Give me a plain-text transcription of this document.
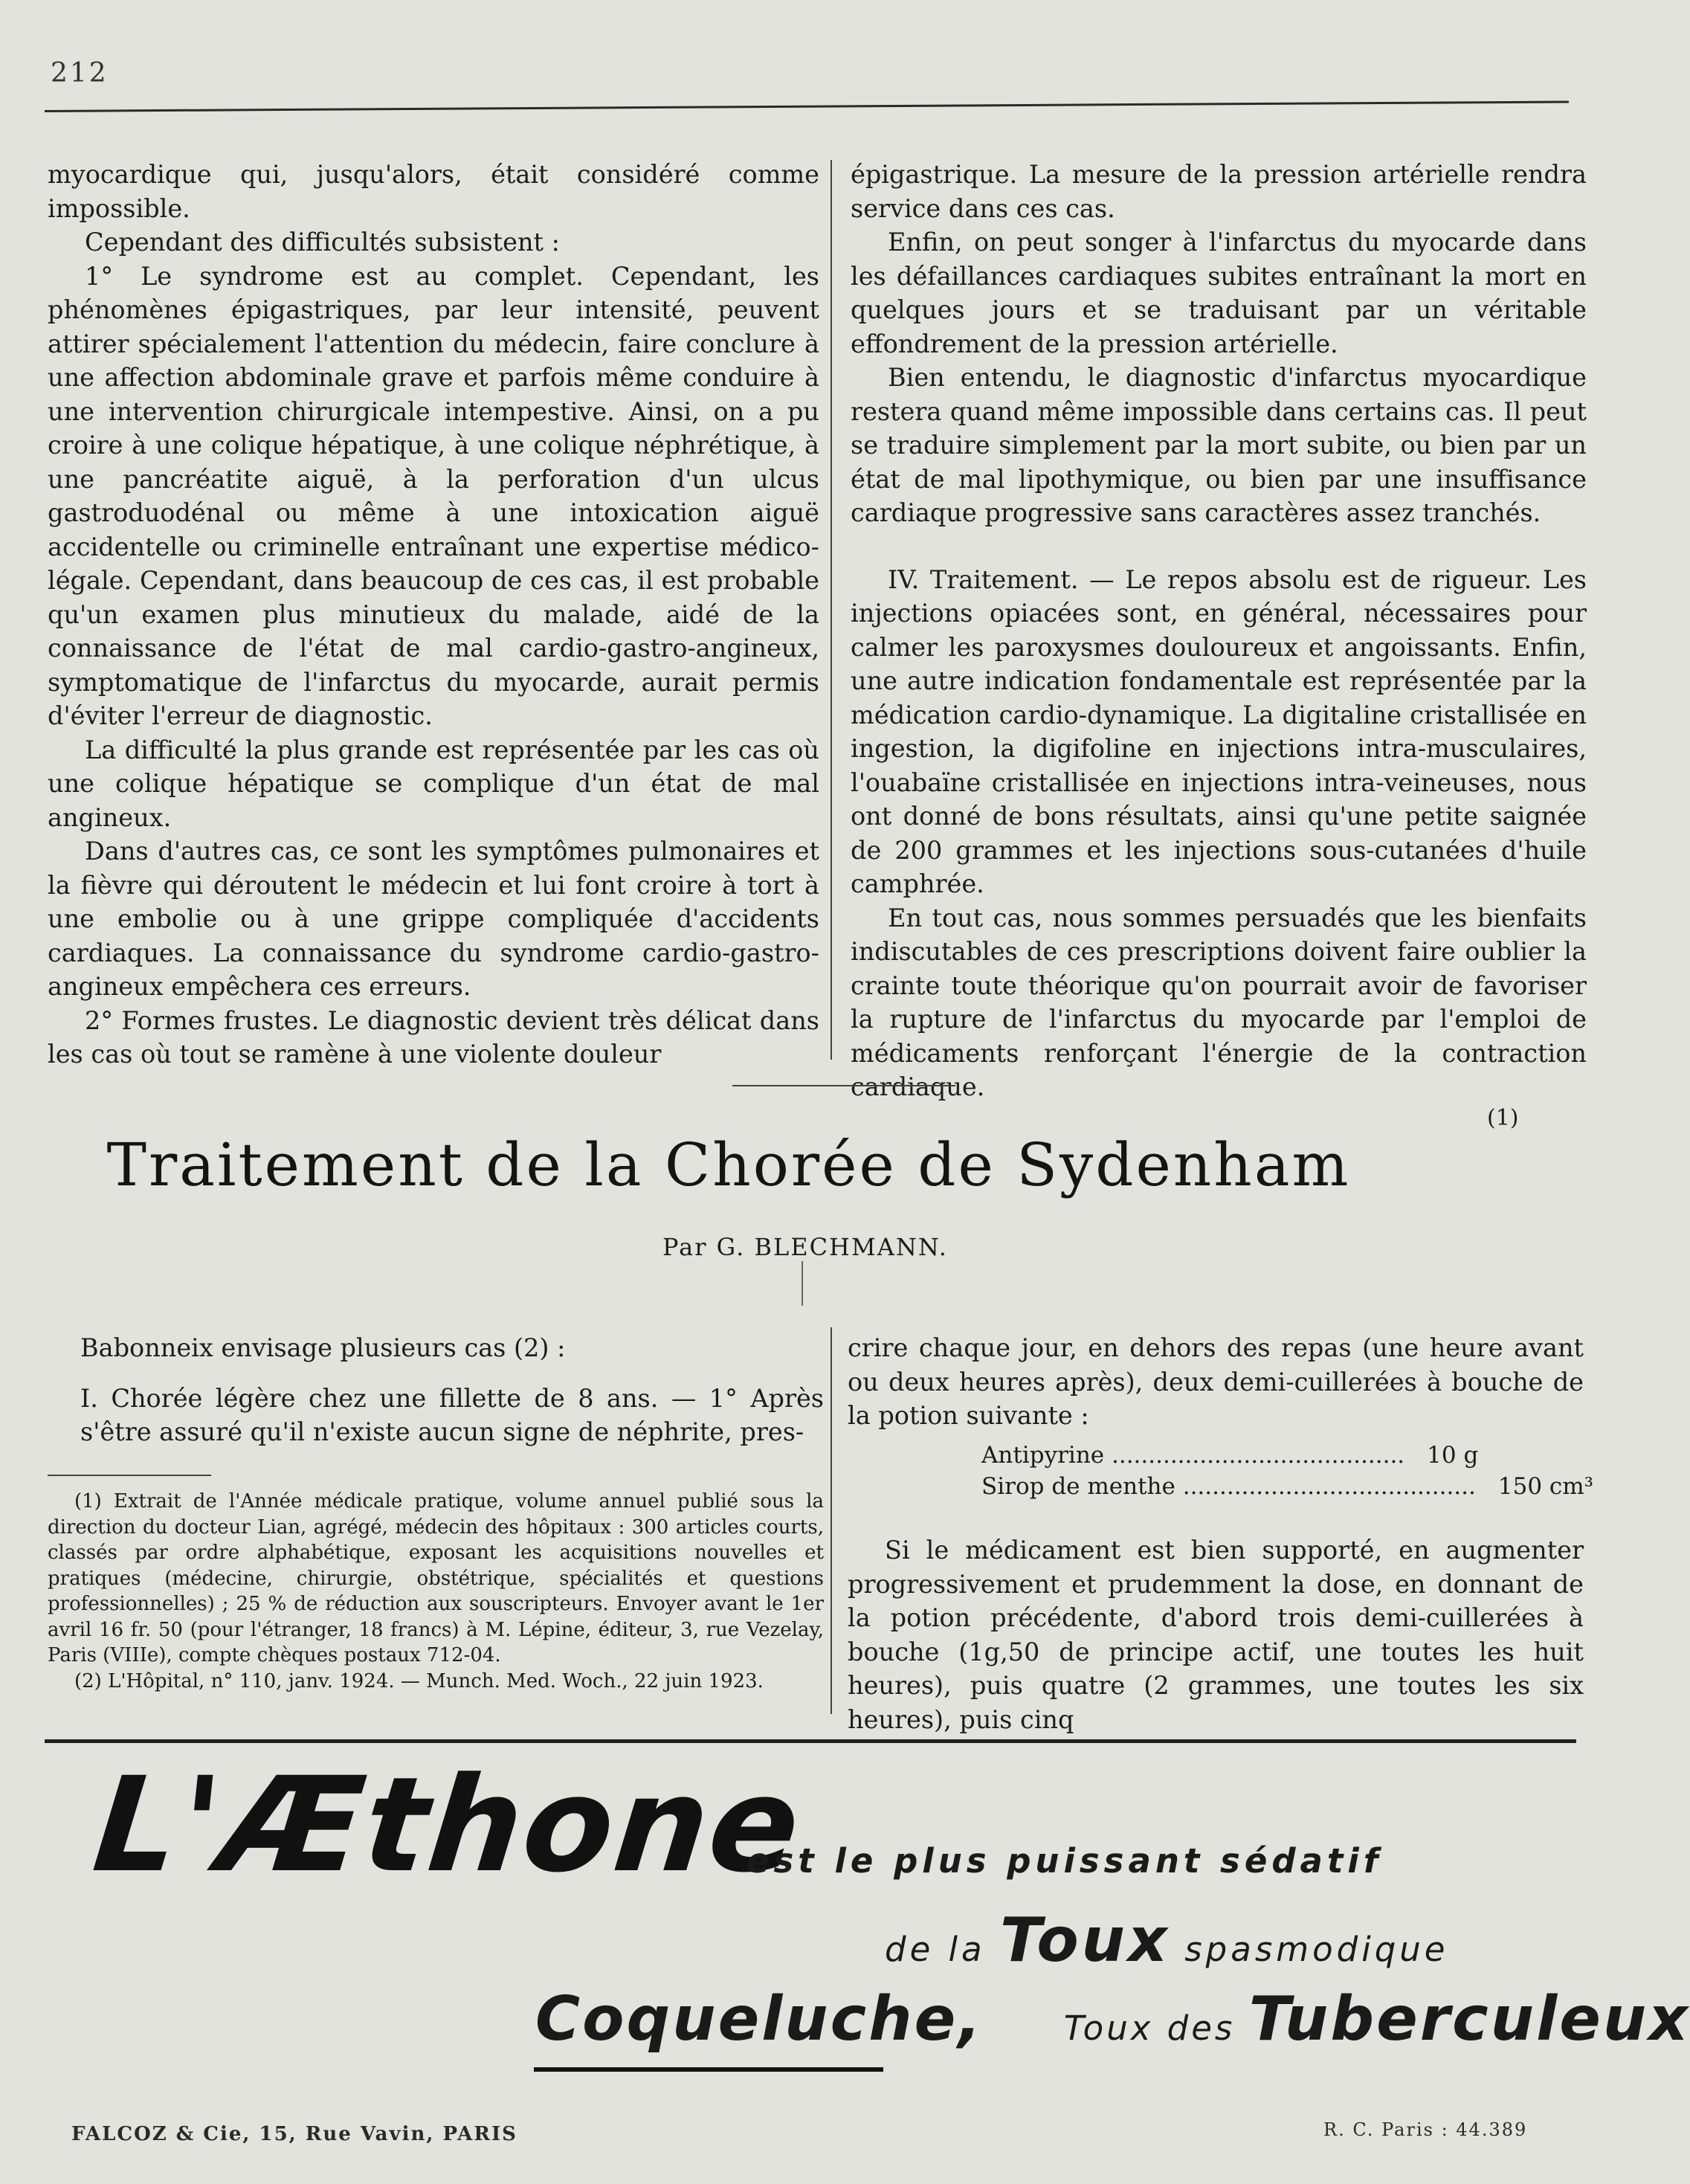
212

myocardique qui, jusqu'alors, était considéré comme impossible.

Cependant des difficultés subsistent :

1° Le syndrome est au complet. Cependant, les phénomènes épigastriques, par leur intensité, peuvent attirer spécialement l'attention du médecin, faire conclure à une affection abdominale grave et parfois même conduire à une intervention chirurgicale intempestive. Ainsi, on a pu croire à une colique hépatique, à une colique néphrétique, à une pancréatite aiguë, à la perforation d'un ulcus gastroduodénal ou même à une intoxication aiguë accidentelle ou criminelle entraînant une expertise médico-légale. Cependant, dans beaucoup de ces cas, il est probable qu'un examen plus minutieux du malade, aidé de la connaissance de l'état de mal cardio-gastro-angineux, symptomatique de l'infarctus du myocarde, aurait permis d'éviter l'erreur de diagnostic.

La difficulté la plus grande est représentée par les cas où une colique hépatique se complique d'un état de mal angineux.

Dans d'autres cas, ce sont les symptômes pulmonaires et la fièvre qui déroutent le médecin et lui font croire à tort à une embolie ou à une grippe compliquée d'accidents cardiaques. La connaissance du syndrome cardio-gastro-angineux empêchera ces erreurs.

2° Formes frustes. Le diagnostic devient très délicat dans les cas où tout se ramène à une violente douleur

épigastrique. La mesure de la pression artérielle rendra service dans ces cas.

Enfin, on peut songer à l'infarctus du myocarde dans les défaillances cardiaques subites entraînant la mort en quelques jours et se traduisant par un véritable effondrement de la pression artérielle.

Bien entendu, le diagnostic d'infarctus myocardique restera quand même impossible dans certains cas. Il peut se traduire simplement par la mort subite, ou bien par un état de mal lipothymique, ou bien par une insuffisance cardiaque progressive sans caractères assez tranchés.

IV. Traitement. — Le repos absolu est de rigueur. Les injections opiacées sont, en général, nécessaires pour calmer les paroxysmes douloureux et angoissants. Enfin, une autre indication fondamentale est représentée par la médication cardio-dynamique. La digitaline cristallisée en ingestion, la digifoline en injections intra-musculaires, l'ouabaïne cristallisée en injections intra-veineuses, nous ont donné de bons résultats, ainsi qu'une petite saignée de 200 grammes et les injections sous-cutanées d'huile camphrée.

En tout cas, nous sommes persuadés que les bienfaits indiscutables de ces prescriptions doivent faire oublier la crainte toute théorique qu'on pourrait avoir de favoriser la rupture de l'infarctus du myocarde par l'emploi de médicaments renforçant l'énergie de la contraction cardiaque.

Traitement de la Chorée de Sydenham
(1)
Par G. BLECHMANN.

Babonneix envisage plusieurs cas (2) :

I. Chorée légère chez une fillette de 8 ans. — 1° Après s'être assuré qu'il n'existe aucun signe de néphrite, pres-

(1) Extrait de l'Année médicale pratique, volume annuel publié sous la direction du docteur Lian, agrégé, médecin des hôpitaux : 300 articles courts, classés par ordre alphabétique, exposant les acquisitions nouvelles et pratiques (médecine, chirurgie, obstétrique, spécialités et questions professionnelles) ; 25 % de réduction aux souscripteurs. Envoyer avant le 1er avril 16 fr. 50 (pour l'étranger, 18 francs) à M. Lépine, éditeur, 3, rue Vezelay, Paris (VIIIe), compte chèques postaux 712-04.

(2) L'Hôpital, n° 110, janv. 1924. — Munch. Med. Woch., 22 juin 1923.

crire chaque jour, en dehors des repas (une heure avant ou deux heures après), deux demi-cuillerées à bouche de la potion suivante :

Antipyrine .....	10 g
Sirop de menthe .....	150 cm³

Si le médicament est bien supporté, en augmenter progressivement et prudemment la dose, en donnant de la potion précédente, d'abord trois demi-cuillerées à bouche (1g,50 de principe actif, une toutes les huit heures), puis quatre (2 grammes, une toutes les six heures), puis cinq

L'Æthone
est le plus puissant sédatif
de la Toux spasmodique
Coqueluche, Toux des Tuberculeux
FALCOZ & Cie, 15, Rue Vavin, PARIS	R. C. Paris : 44.389
